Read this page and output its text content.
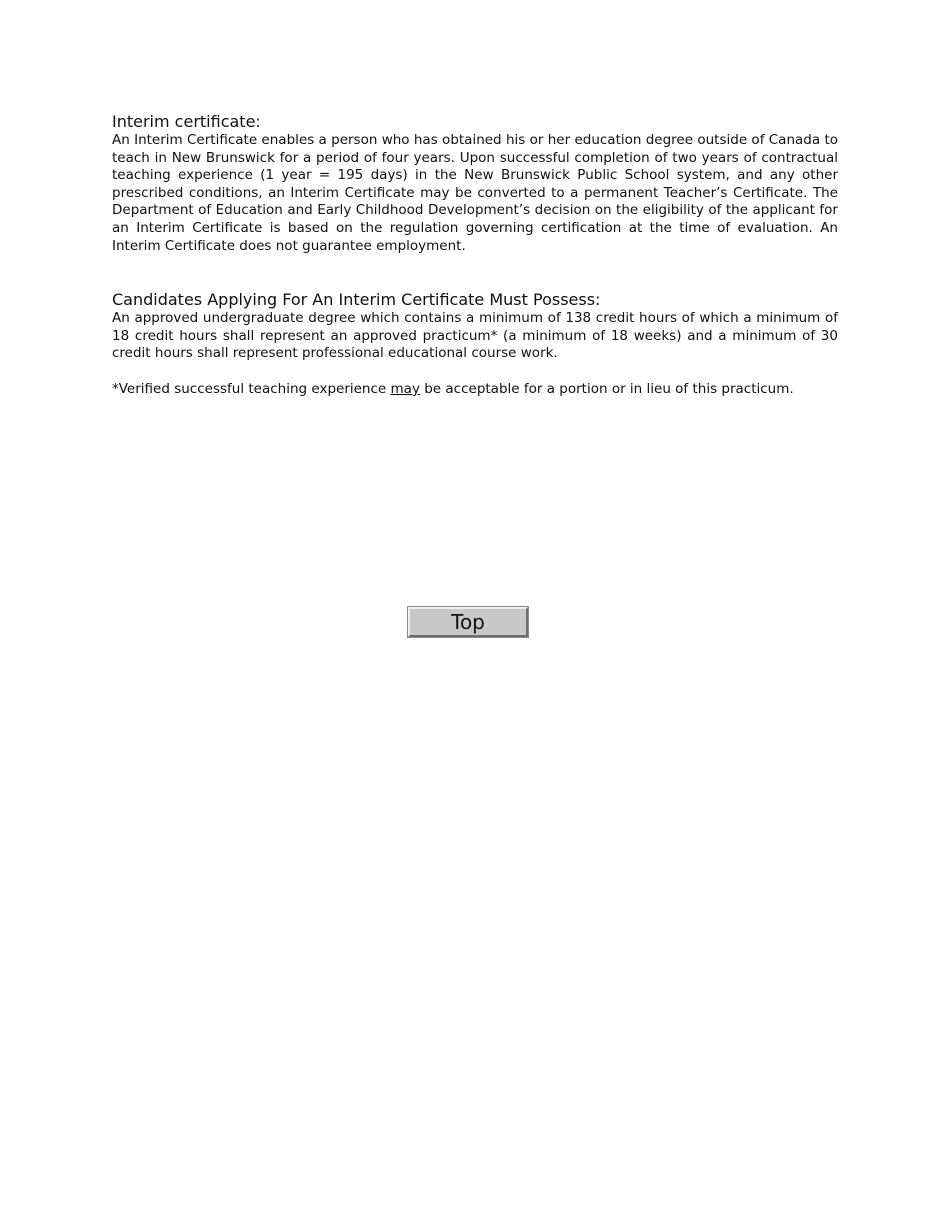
Interim certificate:

An Interim Certificate enables a person who has obtained his or her education degree outside of Canada to teach in New Brunswick for a period of four years. Upon successful completion of two years of contractual teaching experience (1 year = 195 days) in the New Brunswick Public School system, and any other prescribed conditions, an Interim Certificate may be converted to a permanent Teacher’s Certificate. The Department of Education and Early Childhood Development’s decision on the eligibility of the applicant for an Interim Certificate is based on the regulation governing certification at the time of evaluation. An Interim Certificate does not guarantee employment.

Candidates Applying For An Interim Certificate Must Possess:

An approved undergraduate degree which contains a minimum of 138 credit hours of which a minimum of 18 credit hours shall represent an approved practicum* (a minimum of 18 weeks) and a minimum of 30 credit hours shall represent professional educational course work.

*Verified successful teaching experience may be acceptable for a portion or in lieu of this practicum.

Top
